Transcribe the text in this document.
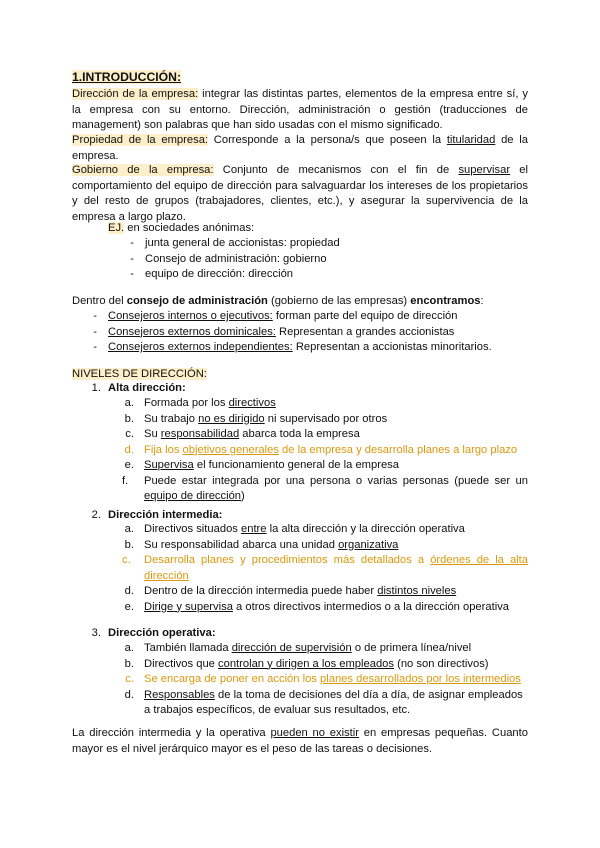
1.INTRODUCCIÓN:
Dirección de la empresa: integrar las distintas partes, elementos de la empresa entre sí, y la empresa con su entorno. Dirección, administración o gestión (traducciones de management) son palabras que han sido usadas con el mismo significado.
Propiedad de la empresa: Corresponde a la persona/s que poseen la titularidad de la empresa.
Gobierno de la empresa: Conjunto de mecanismos con el fin de supervisar el comportamiento del equipo de dirección para salvaguardar los intereses de los propietarios y del resto de grupos (trabajadores, clientes, etc.), y asegurar la supervivencia de la empresa a largo plazo.
EJ. en sociedades anónimas:
- junta general de accionistas: propiedad
- Consejo de administración: gobierno
- equipo de dirección: dirección
Dentro del consejo de administración (gobierno de las empresas) encontramos:
- Consejeros internos o ejecutivos: forman parte del equipo de dirección
- Consejeros externos dominicales: Representan a grandes accionistas
- Consejeros externos independientes: Representan a accionistas minoritarios.
NIVELES DE DIRECCIÓN:
1. Alta dirección:
a. Formada por los directivos
b. Su trabajo no es dirigido ni supervisado por otros
c. Su responsabilidad abarca toda la empresa
d. Fija los objetivos generales de la empresa y desarrolla planes a largo plazo
e. Supervisa el funcionamiento general de la empresa
f.	Puede estar integrada por una persona o varias personas (puede ser un equipo de dirección)
2. Dirección intermedia:
a. Directivos situados entre la alta dirección y la dirección operativa
b. Su responsabilidad abarca una unidad organizativa
c. Desarrolla planes y procedimientos más detallados a órdenes de la alta dirección
d. Dentro de la dirección intermedia puede haber distintos niveles
e. Dirige y supervisa a otros directivos intermedios o a la dirección operativa
3. Dirección operativa:
a. También llamada dirección de supervisión o de primera línea/nivel
b. Directivos que controlan y dirigen a los empleados (no son directivos)
c. Se encarga de poner en acción los planes desarrollados por los intermedios
d. Responsables de la toma de decisiones del día a día, de asignar empleados a trabajos específicos, de evaluar sus resultados, etc.
La dirección intermedia y la operativa pueden no existir en empresas pequeñas. Cuanto mayor es el nivel jerárquico mayor es el peso de las tareas o decisiones.
